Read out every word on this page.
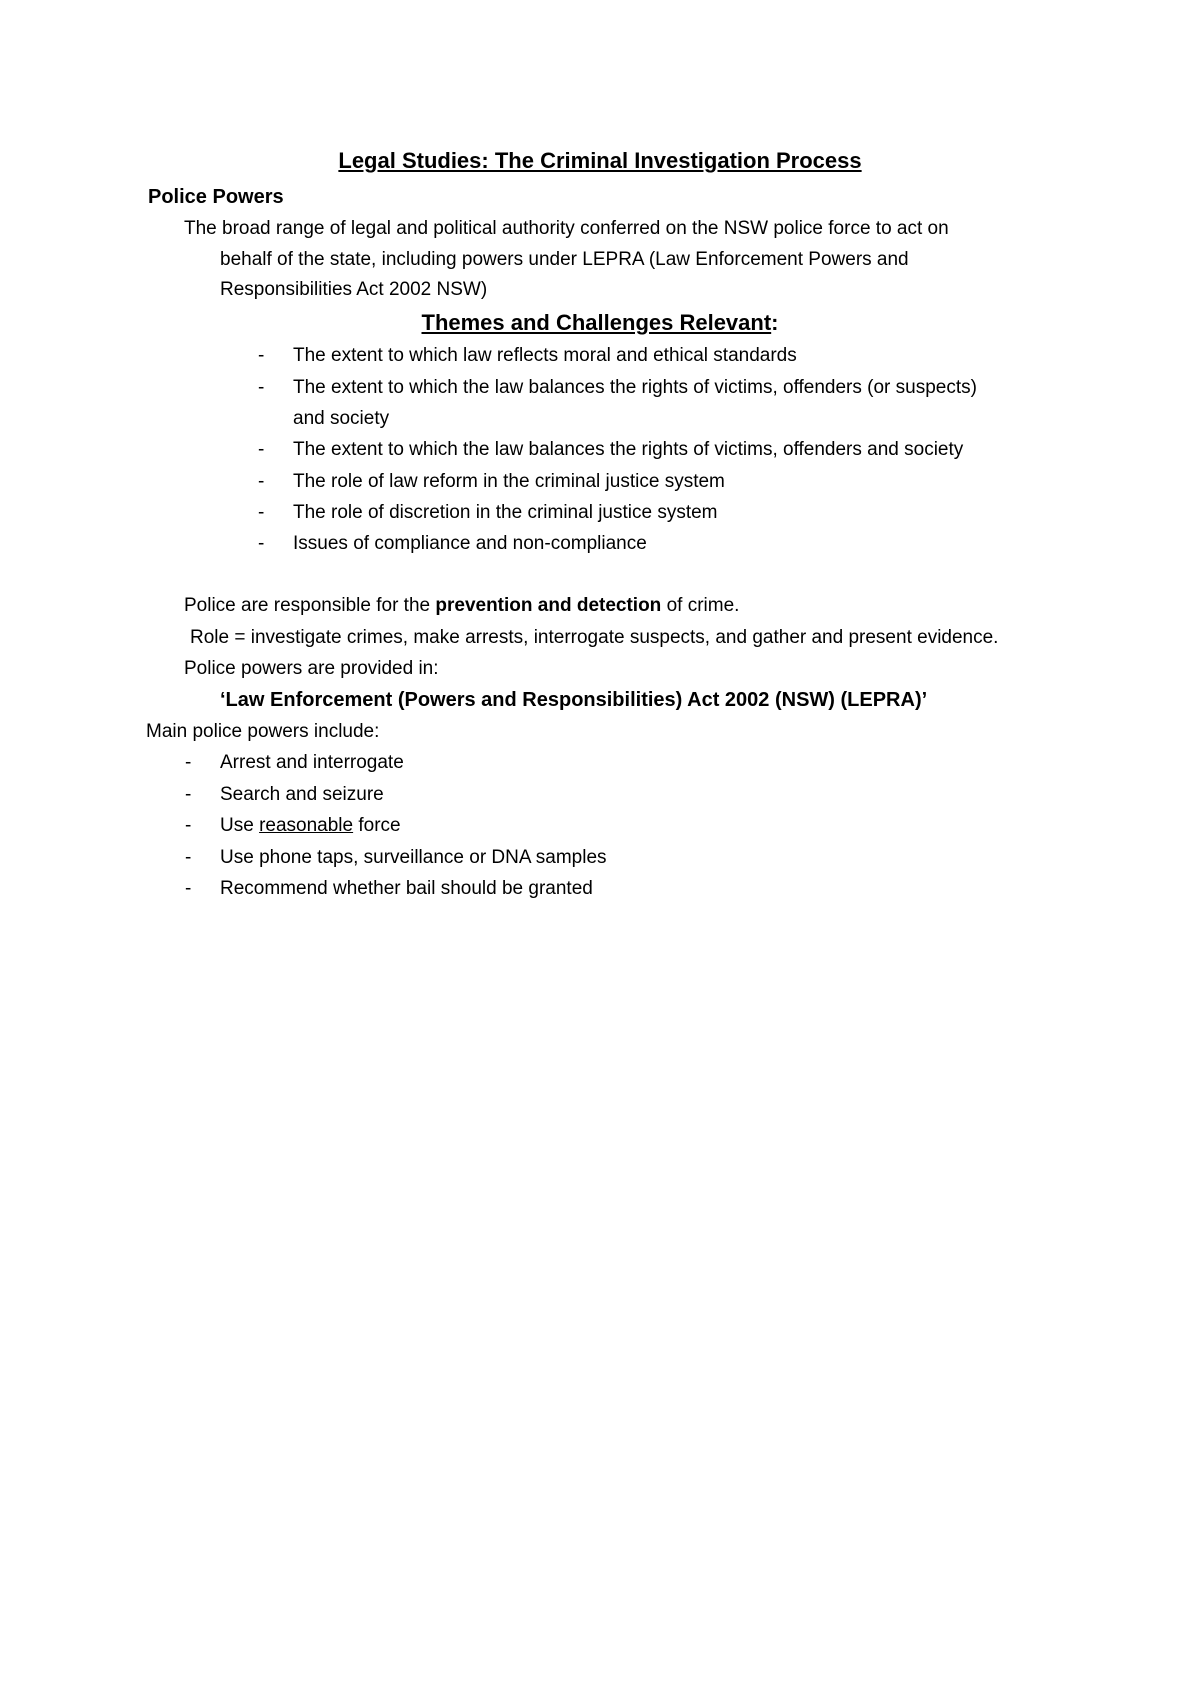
Legal Studies: The Criminal Investigation Process
Police Powers
The broad range of legal and political authority conferred on the NSW police force to act on
behalf of the state, including powers under LEPRA (Law Enforcement Powers and
Responsibilities Act 2002 NSW)
Themes and Challenges Relevant:
- The extent to which law reflects moral and ethical standards
- The extent to which the law balances the rights of victims, offenders (or suspects)
and society
- The extent to which the law balances the rights of victims, offenders and society
- The role of law reform in the criminal justice system
- The role of discretion in the criminal justice system
- Issues of compliance and non-compliance
Police are responsible for the prevention and detection of crime.
Role = investigate crimes, make arrests, interrogate suspects, and gather and present evidence.
Police powers are provided in:
‘Law Enforcement (Powers and Responsibilities) Act 2002 (NSW) (LEPRA)’
Main police powers include:
- Arrest and interrogate
- Search and seizure
- Use reasonable force
- Use phone taps, surveillance or DNA samples
- Recommend whether bail should be granted
